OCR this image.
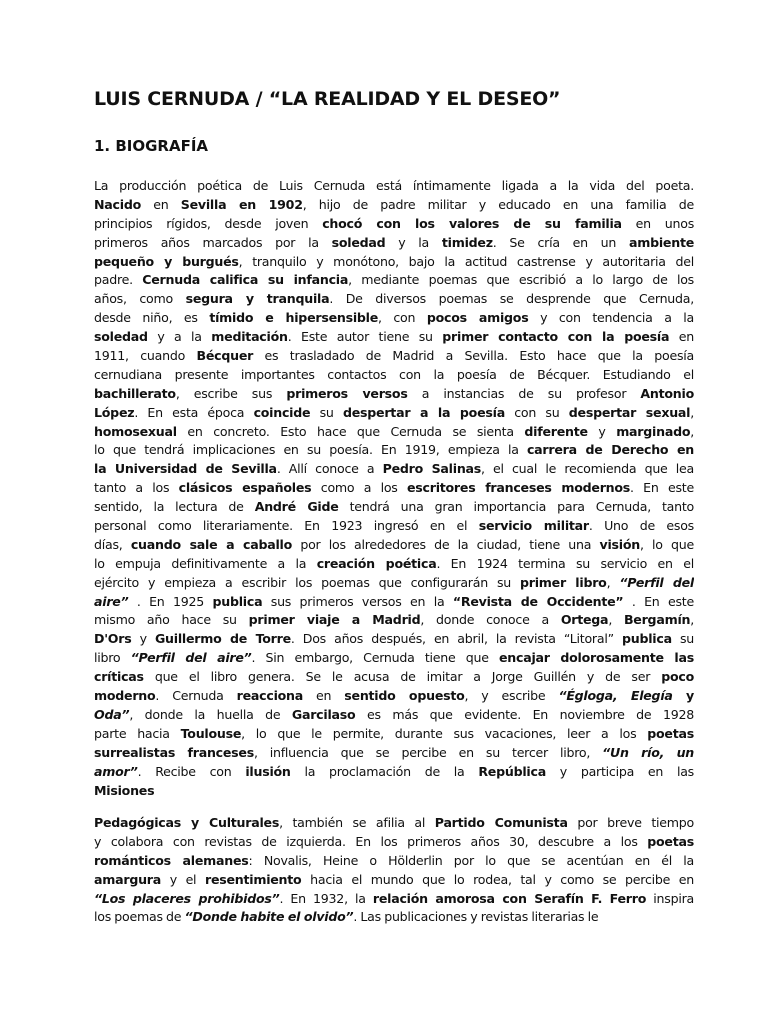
LUIS CERNUDA / “LA REALIDAD Y EL DESEO”
1. BIOGRAFÍA
La producción poética de Luis Cernuda está íntimamente ligada a la vida del poeta.
Nacido en Sevilla en 1902, hijo de padre militar y educado en una familia de
principios rígidos, desde joven chocó con los valores de su familia en unos
primeros años marcados por la soledad y la timidez. Se cría en un ambiente
pequeño y burgués, tranquilo y monótono, bajo la actitud castrense y autoritaria del
padre. Cernuda califica su infancia, mediante poemas que escribió a lo largo de los
años, como segura y tranquila. De diversos poemas se desprende que Cernuda,
desde niño, es tímido e hipersensible, con pocos amigos y con tendencia a la
soledad y a la meditación. Este autor tiene su primer contacto con la poesía en
1911, cuando Bécquer es trasladado de Madrid a Sevilla. Esto hace que la poesía
cernudiana presente importantes contactos con la poesía de Bécquer. Estudiando el
bachillerato, escribe sus primeros versos a instancias de su profesor Antonio
López. En esta época coincide su despertar a la poesía con su despertar sexual,
homosexual en concreto. Esto hace que Cernuda se sienta diferente y marginado,
lo que tendrá implicaciones en su poesía. En 1919, empieza la carrera de Derecho en
la Universidad de Sevilla. Allí conoce a Pedro Salinas, el cual le recomienda que lea
tanto a los clásicos españoles como a los escritores franceses modernos. En este
sentido, la lectura de André Gide tendrá una gran importancia para Cernuda, tanto
personal como literariamente. En 1923 ingresó en el servicio militar. Uno de esos
días, cuando sale a caballo por los alrededores de la ciudad, tiene una visión, lo que
lo empuja definitivamente a la creación poética. En 1924 termina su servicio en el
ejército y empieza a escribir los poemas que configurarán su primer libro, “Perfil del
aire” . En 1925 publica sus primeros versos en la “Revista de Occidente” . En este
mismo año hace su primer viaje a Madrid, donde conoce a Ortega, Bergamín,
D'Ors y Guillermo de Torre. Dos años después, en abril, la revista “Litoral” publica su
libro “Perfil del aire”. Sin embargo, Cernuda tiene que encajar dolorosamente las
críticas que el libro genera. Se le acusa de imitar a Jorge Guillén y de ser poco
moderno. Cernuda reacciona en sentido opuesto, y escribe “Égloga, Elegía y
Oda”, donde la huella de Garcilaso es más que evidente. En noviembre de 1928
parte hacia Toulouse, lo que le permite, durante sus vacaciones, leer a los poetas
surrealistas franceses, influencia que se percibe en su tercer libro, “Un río, un
amor”. Recibe con ilusión la proclamación de la República y participa en las
Misiones
Pedagógicas y Culturales, también se afilia al Partido Comunista por breve tiempo
y colabora con revistas de izquierda. En los primeros años 30, descubre a los poetas
románticos alemanes: Novalis, Heine o Hölderlin por lo que se acentúan en él la
amargura y el resentimiento hacia el mundo que lo rodea, tal y como se percibe en
“Los placeres prohibidos”. En 1932, la relación amorosa con Serafín F. Ferro inspira
los poemas de “Donde habite el olvido”. Las publicaciones y revistas literarias le
